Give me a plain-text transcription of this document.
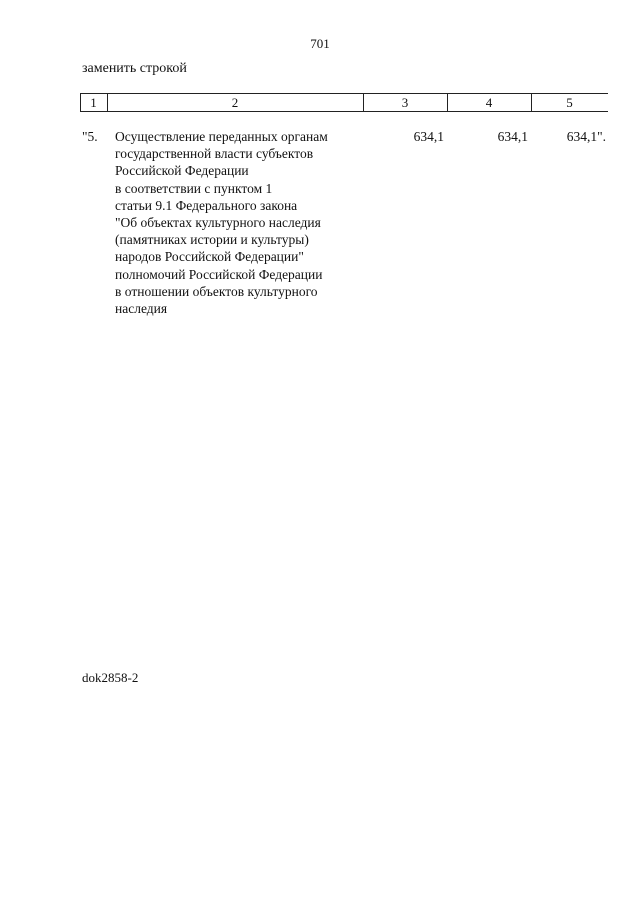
701
заменить строкой
1	2	3	4	5
"5. Осуществление переданных органам
государственной власти субъектов
Российской Федерации
в соответствии с пунктом 1
статьи 9.1 Федерального закона
"Об объектах культурного наследия
(памятниках истории и культуры)
народов Российской Федерации"
полномочий Российской Федерации
в отношении объектов культурного
наследия
634,1	634,1	634,1".
dok2858-2
